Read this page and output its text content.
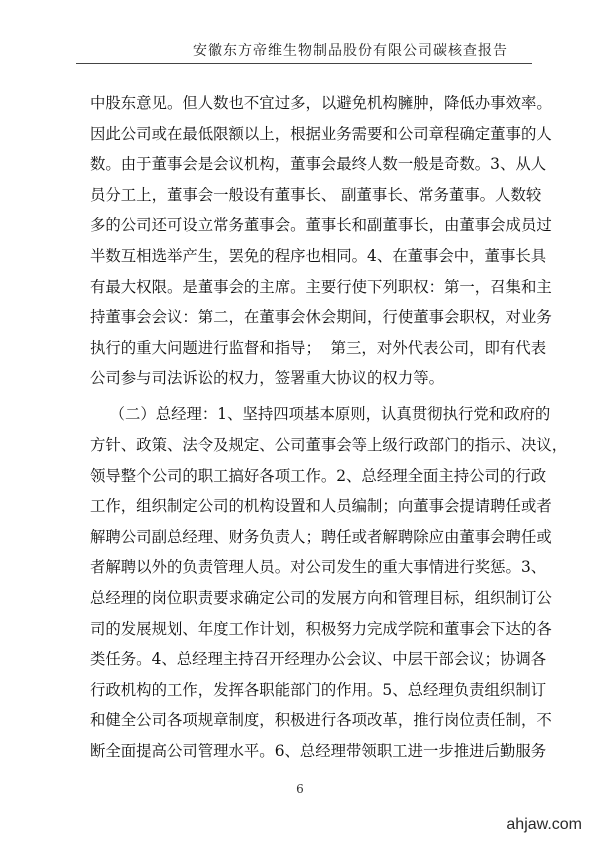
安徽东方帝维生物制品股份有限公司碳核查报告
中股东意见。但人数也不宜过多，以避免机构臃肿，降低办事效率。
因此公司或在最低限额以上，根据业务需要和公司章程确定董事的人
数。由于董事会是会议机构，董事会最终人数一般是奇数。3、从人
员分工上，董事会一般设有董事长、 副董事长、常务董事。人数较
多的公司还可设立常务董事会。董事长和副董事长，由董事会成员过
半数互相选举产生，罢免的程序也相同。4、在董事会中，董事长具
有最大权限。是董事会的主席。主要行使下列职权：第一，召集和主
持董事会会议：第二，在董事会休会期间，行使董事会职权，对业务
执行的重大问题进行监督和指导；  第三，对外代表公司，即有代表
公司参与司法诉讼的权力，签署重大协议的权力等。
（二）总经理：1、坚持四项基本原则，认真贯彻执行党和政府的
方针、政策、法令及规定、公司董事会等上级行政部门的指示、决议，
领导整个公司的职工搞好各项工作。2、总经理全面主持公司的行政
工作，组织制定公司的机构设置和人员编制；向董事会提请聘任或者
解聘公司副总经理、财务负责人；聘任或者解聘除应由董事会聘任或
者解聘以外的负责管理人员。对公司发生的重大事情进行奖惩。3、
总经理的岗位职责要求确定公司的发展方向和管理目标，组织制订公
司的发展规划、年度工作计划，积极努力完成学院和董事会下达的各
类任务。4、总经理主持召开经理办公会议、中层干部会议；协调各
行政机构的工作，发挥各职能部门的作用。5、总经理负责组织制订
和健全公司各项规章制度，积极进行各项改革，推行岗位责任制，不
断全面提高公司管理水平。6、总经理带领职工进一步推进后勤服务
6
ahjaw.com
